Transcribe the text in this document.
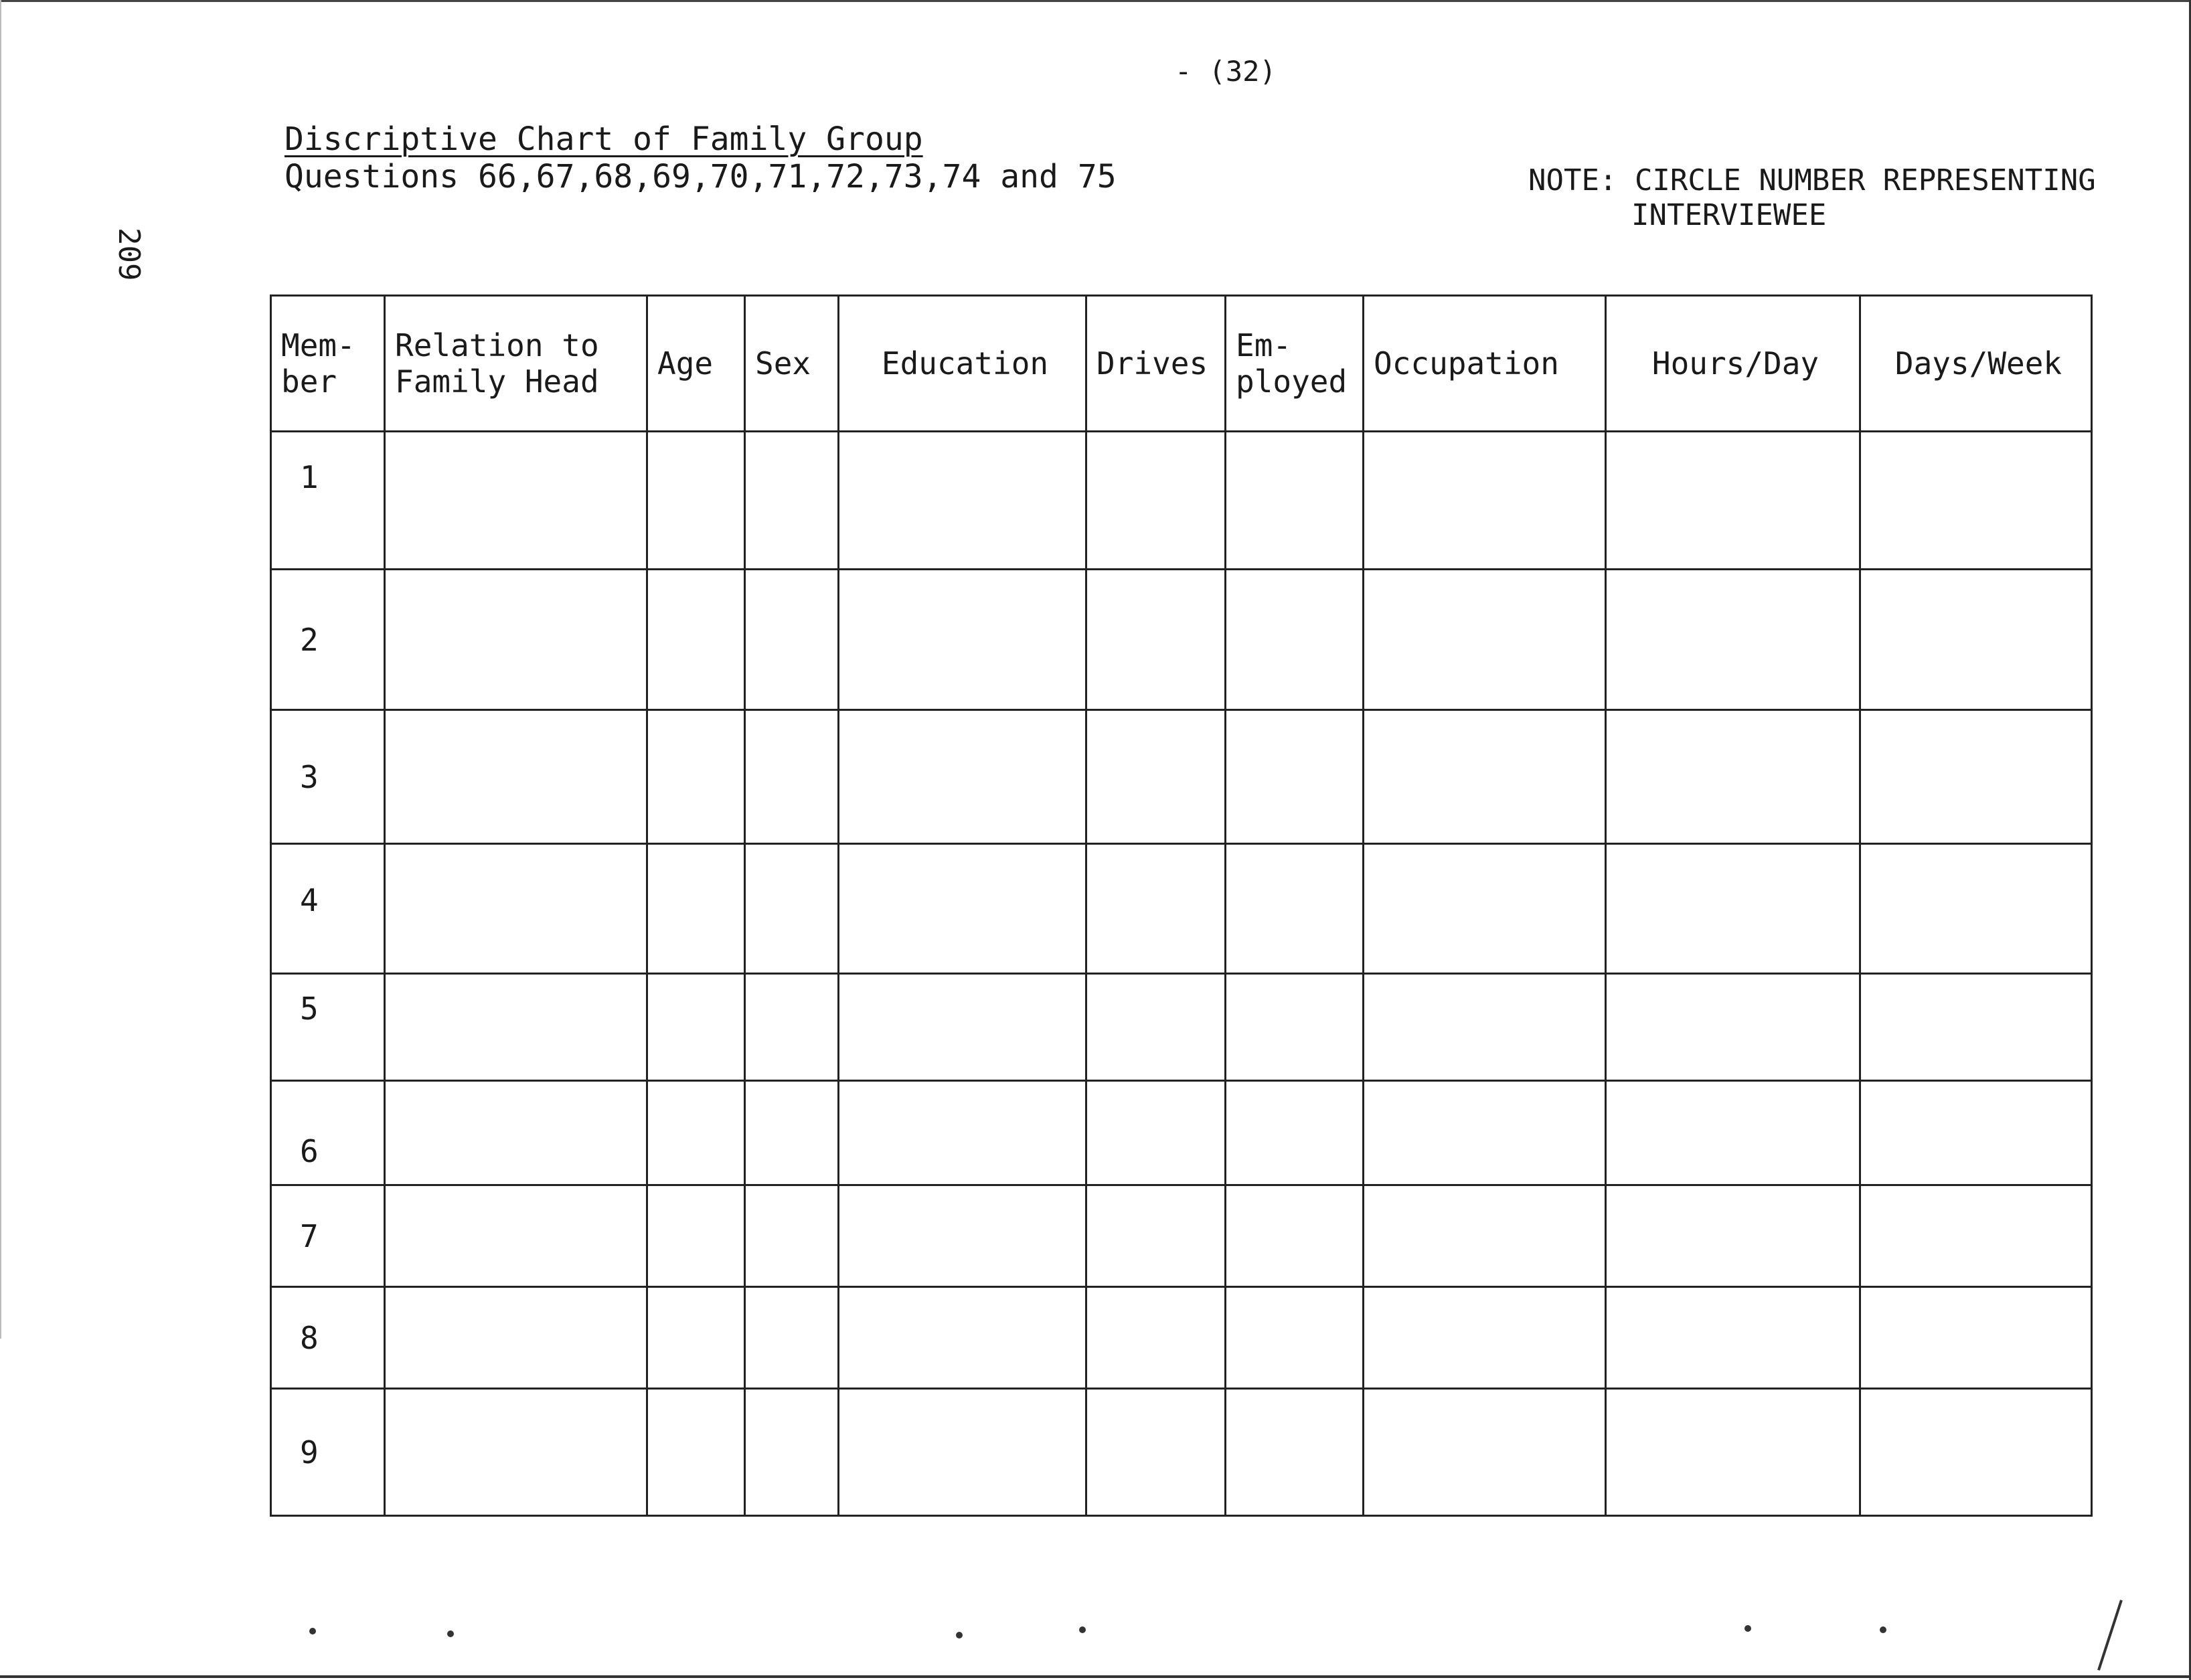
- (32)
209
Discriptive Chart of Family Group
Questions 66,67,68,69,70,71,72,73,74 and 75	NOTE: CIRCLE NUMBER REPRESENTING
INTERVIEWEE
Mem-
ber	Relation to
Family Head	Age	Sex	Education	Drives	Em-
ployed	Occupation	Hours/Day	Days/Week

1									
2									
3									
4									
5									
6									
7									
8									
9									
